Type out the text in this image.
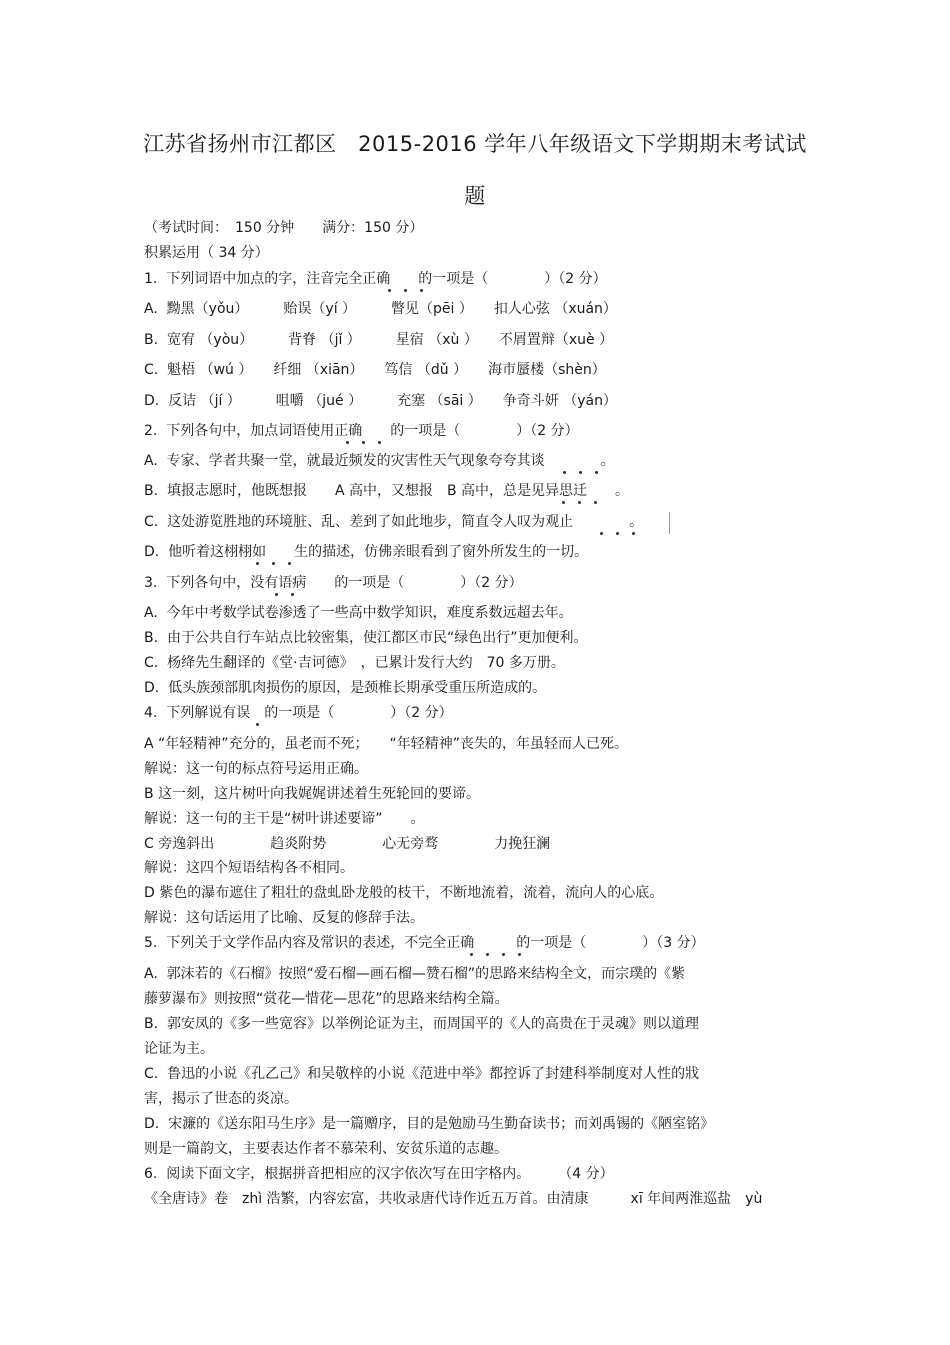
江苏省扬州市江都区　2015-2016 学年八年级语文下学期期末考试试
题
（考试时间：　150 分钟　　满分：150 分）
积累运用（ 34 分）
1.  下列词语中加点的字，注音完全正确　　的一项是（　　　　）（2 分）
A.  黝黑（yǒu）　　　贻误（yí ）　　　瞥见（pēi ）　　扣人心弦 （xuán）
B.  宽宥 （yòu）　　　背脊 （jǐ ）　　　星宿 （xù ）　　不屑置辩（xuè ）
C.  魁梧 （wú ）　　纤细 （xiān）　　笃信 （dǔ ）　　海市蜃楼（shèn）
D.  反诘 （jí ）　　　咀嚼 （jué ）　　　充塞 （sāi ）　　争奇斗妍 （yán）
2.  下列各句中，加点词语使用正确　　的一项是（　　　　）（2 分）
A.  专家、学者共聚一堂，就最近频发的灾害性天气现象夸夸其谈　　　　。
B.  填报志愿时，他既想报　　A 高中，又想报　B 高中，总是见异思迁　　。
C.  这处游览胜地的环境脏、乱、差到了如此地步，简直令人叹为观止　　　　。
D.  他听着这栩栩如　　生的描述，仿佛亲眼看到了窗外所发生的一切。
3.  下列各句中，没有语病　　的一项是（　　　　）（2 分）
A.  今年中考数学试卷渗透了一些高中数学知识，难度系数远超去年。
B.  由于公共自行车站点比较密集，使江都区市民“绿色出行”更加便利。
C.  杨绛先生翻译的《堂·吉诃德》　，已累计发行大约　70 多万册。
D.  低头族颈部肌肉损伤的原因，是颈椎长期承受重压所造成的。
4.  下列解说有误　的一项是（　　　　）（2 分）
A “年轻精神”充分的，虽老而不死；　　“年轻精神”丧失的，年虽轻而人已死。
解说：这一句的标点符号运用正确。
B 这一刻，这片树叶向我娓娓讲述着生死轮回的要谛。
解说：这一句的主干是“树叶讲述要谛”　　。
C 旁逸斜出　　　　趋炎附势　　　　心无旁骛　　　　力挽狂澜
解说：这四个短语结构各不相同。
D 紫色的瀑布遮住了粗壮的盘虬卧龙般的枝干，不断地流着，流着，流向人的心底。
解说：这句话运用了比喻、反复的修辞手法。
5.  下列关于文学作品内容及常识的表述，不完全正确　　　的一项是（　　　　）（3 分）
A.  郭沫若的《石榴》按照“爱石榴—画石榴—赞石榴”的思路来结构全文，而宗璞的《紫
藤萝瀑布》则按照“赏花—惜花—思花”的思路来结构全篇。
B.  郭安凤的《多一些宽容》以举例论证为主，而周国平的《人的高贵在于灵魂》则以道理
论证为主。
C.  鲁迅的小说《孔乙己》和吴敬梓的小说《范进中举》都控诉了封建科举制度对人性的戕
害，揭示了世态的炎凉。
D.  宋濂的《送东阳马生序》是一篇赠序，目的是勉励马生勤奋读书；而刘禹锡的《陋室铭》
则是一篇韵文，主要表达作者不慕荣利、安贫乐道的志趣。
6.  阅读下面文字，根据拼音把相应的汉字依次写在田字格内。　　　（4 分）
《全唐诗》卷　zhì 浩繁，内容宏富，共收录唐代诗作近五万首。由清康　　　xī 年间两淮巡盐　yù
